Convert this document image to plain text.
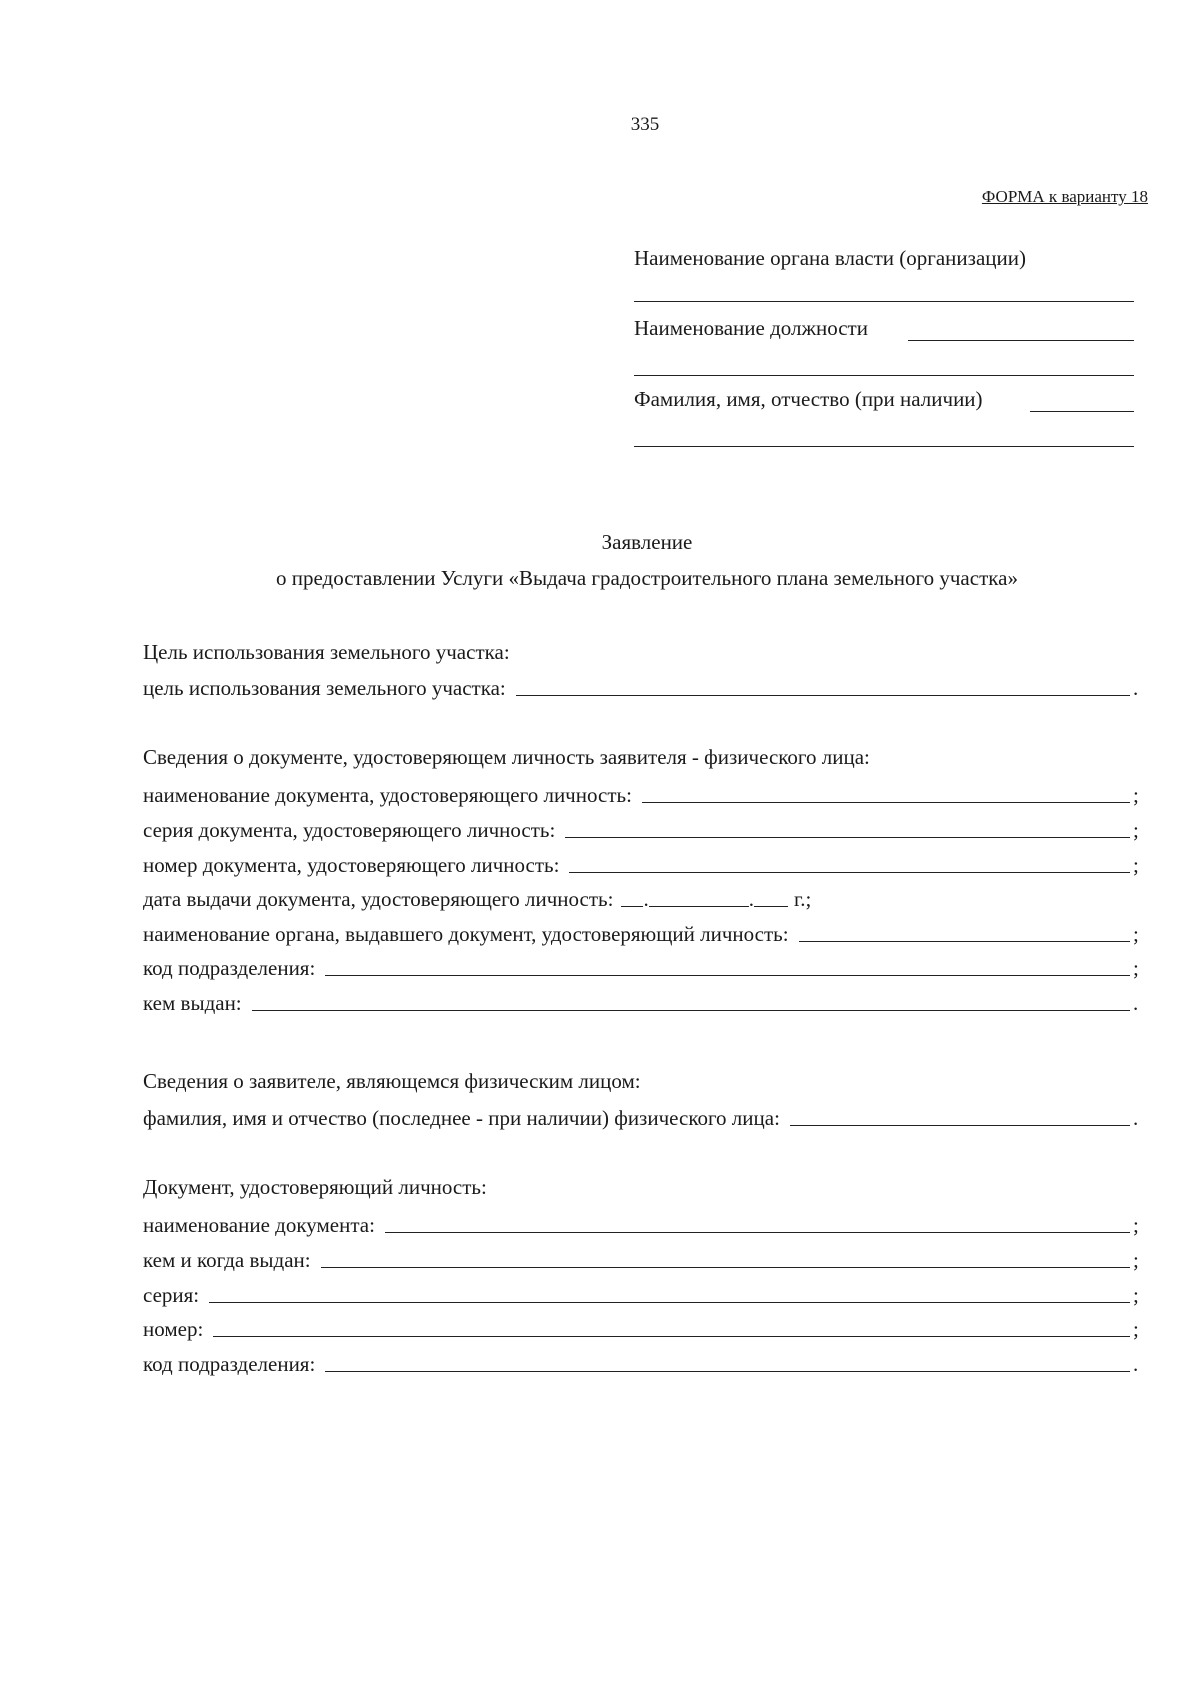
335
ФОРМА к варианту 18
Наименование органа власти (организации)
Наименование должности
Фамилия, имя, отчество (при наличии)
Заявление
о предоставлении Услуги «Выдача градостроительного плана земельного участка»
Цель использования земельного участка:
цель использования земельного участка:	.
Сведения о документе, удостоверяющем личность заявителя - физического лица:
наименование документа, удостоверяющего личность:	;
серия документа, удостоверяющего личность:	;
номер документа, удостоверяющего личность:	;
дата выдачи документа, удостоверяющего личность: .	. г.;
наименование органа, выдавшего документ, удостоверяющий личность:	;
код подразделения:	;
кем выдан:	.
Сведения о заявителе, являющемся физическим лицом:
фамилия, имя и отчество (последнее - при наличии) физического лица:	.
Документ, удостоверяющий личность:
наименование документа:	;
кем и когда выдан:	;
серия:	;
номер:	;
код подразделения:	.
